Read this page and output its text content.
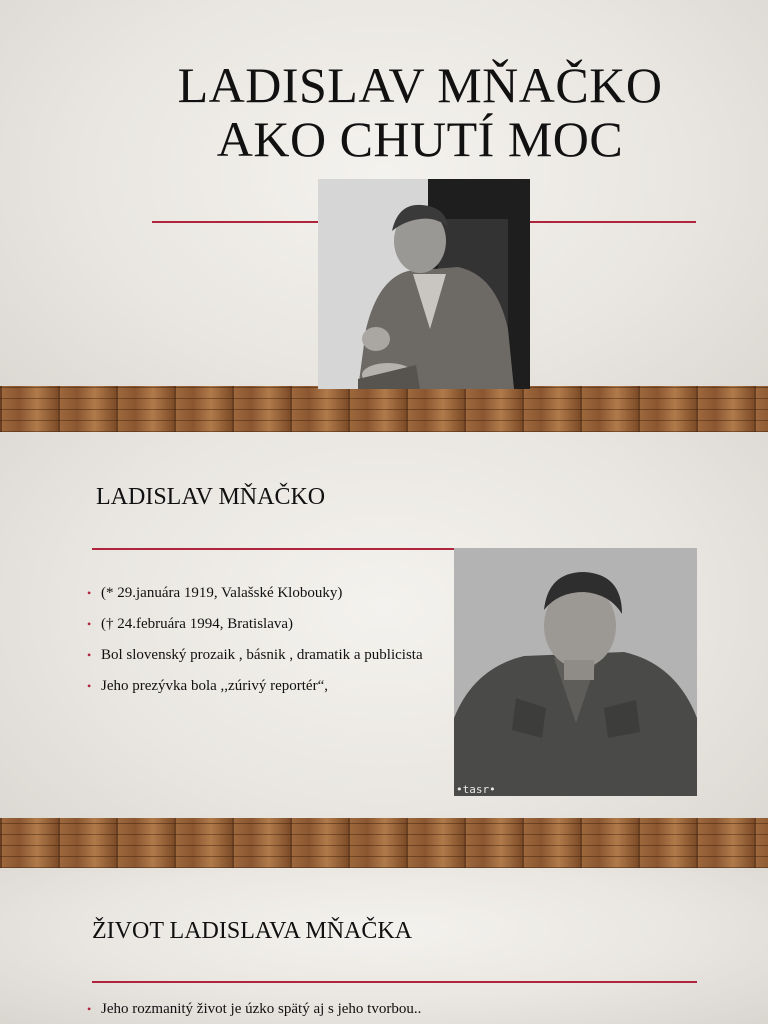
LADISLAV MŇAČKO
AKO CHUTÍ MOC
LADISLAV MŇAČKO
• (* 29.januára 1919, Valašské Klobouky)
• († 24.februára 1994, Bratislava)
• Bol slovenský prozaik , básnik , dramatik a publicista
• Jeho prezývka bola ,,zúrivý reportér“,
•tasr•
ŽIVOT LADISLAVA MŇAČKA
• Jeho rozmanitý život je úzko spätý aj s jeho tvorbou..
